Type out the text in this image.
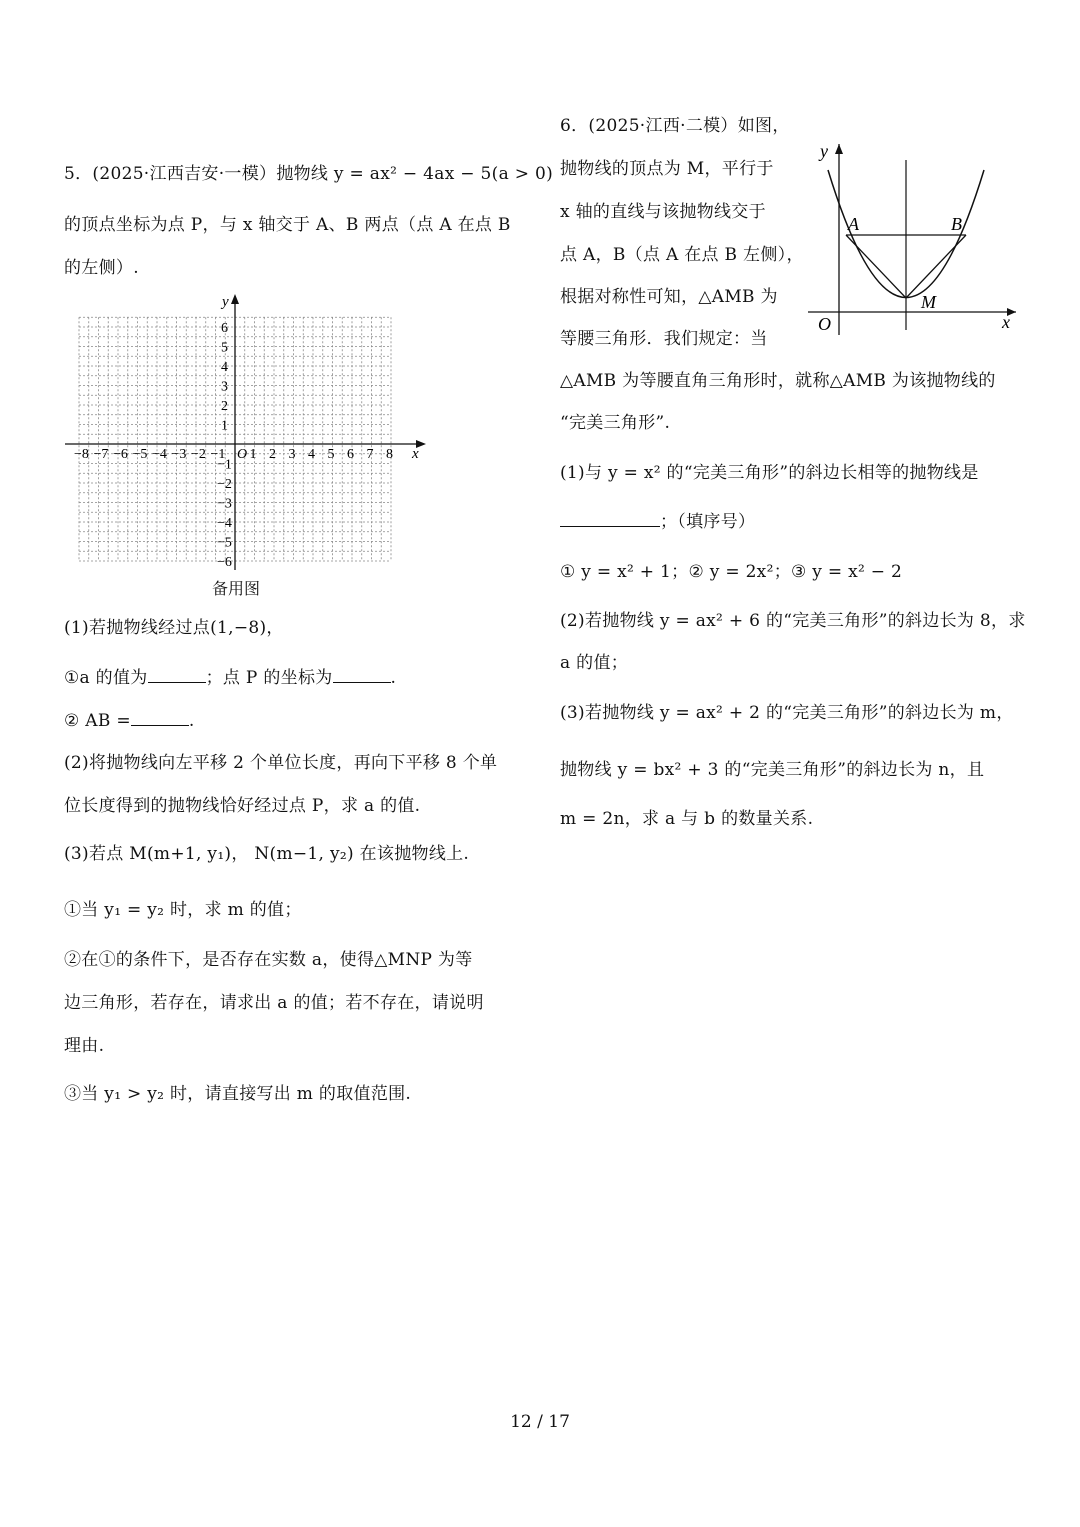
5．(2025·江西吉安·一模）抛物线 y = ax² − 4ax − 5(a > 0)
的顶点坐标为点 P，与 x 轴交于 A、B 两点（点 A 在点 B
的左侧）.
−8 −7 −6 −5 −4 −3 −2 −1 1 2 3 4 5 6 7 8
1
2
3
4
5
6
−1
−2
−3
−4
−5
−6
x
y
O
备用图
(1)若抛物线经过点(1,−8)，
①a 的值为	；点 P 的坐标为	.
② AB =	.
(2)将抛物线向左平移 2 个单位长度，再向下平移 8 个单
位长度得到的抛物线恰好经过点 P，求 a 的值.
(3)若点 M(m+1, y₁)， N(m−1, y₂) 在该抛物线上.
①当 y₁ = y₂ 时，求 m 的值；
②在①的条件下，是否存在实数 a，使得△MNP 为等
边三角形，若存在，请求出 a 的值；若不存在，请说明
理由.
③当 y₁ > y₂ 时，请直接写出 m 的取值范围.
6．(2025·江西·二模）如图，
抛物线的顶点为 M，平行于
x 轴的直线与该抛物线交于
点 A，B（点 A 在点 B 左侧），
根据对称性可知，△AMB 为
等腰三角形．我们规定：当
A	B
M
O	x
y
△AMB 为等腰直角三角形时，就称△AMB 为该抛物线的
“完美三角形”.
(1)与 y = x² 的“完美三角形”的斜边长相等的抛物线是
；（填序号）
① y = x² + 1；② y = 2x²；③ y = x² − 2
(2)若抛物线 y = ax² + 6 的“完美三角形”的斜边长为 8，求
a 的值；
(3)若抛物线 y = ax² + 2 的“完美三角形”的斜边长为 m，
抛物线 y = bx² + 3 的“完美三角形”的斜边长为 n，且
m = 2n，求 a 与 b 的数量关系.
12 / 17
